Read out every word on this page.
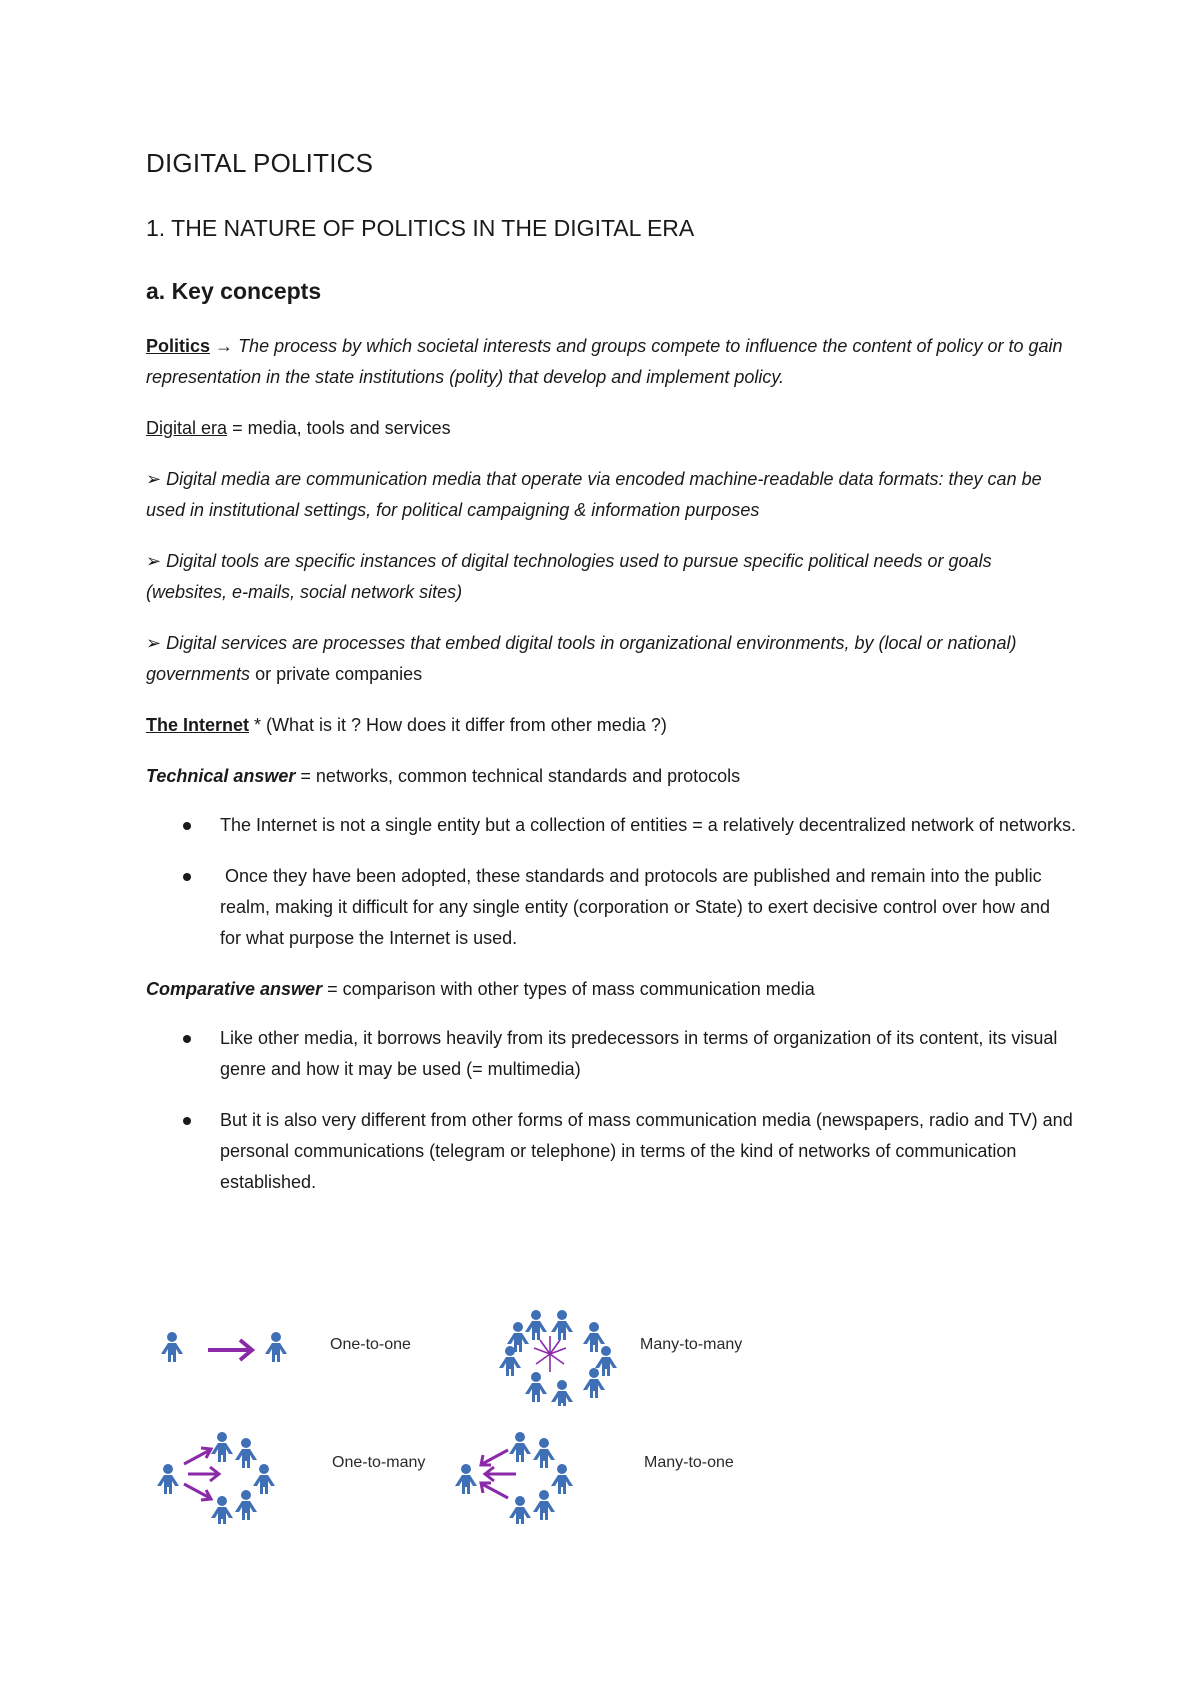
DIGITAL POLITICS
1. THE NATURE OF POLITICS IN THE DIGITAL ERA
a. Key concepts

Politics → The process by which societal interests and groups compete to influence the content of policy or to gain representation in the state institutions (polity) that develop and implement policy.

Digital era = media, tools and services

➢ Digital media are communication media that operate via encoded machine-readable data formats: they can be used in institutional settings, for political campaigning & information purposes

➢ Digital tools are specific instances of digital technologies used to pursue specific political needs or goals (websites, e-mails, social network sites)

➢ Digital services are processes that embed digital tools in organizational environments, by (local or national) governments or private companies

The Internet * (What is it ? How does it differ from other media ?)

Technical answer = networks, common technical standards and protocols

The Internet is not a single entity but a collection of entities = a relatively decentralized network of networks.
Once they have been adopted, these standards and protocols are published and remain into the public realm, making it difficult for any single entity (corporation or State) to exert decisive control over how and for what purpose the Internet is used.

Comparative answer = comparison with other types of mass communication media

Like other media, it borrows heavily from its predecessors in terms of organization of its content, its visual genre and how it may be used (= multimedia)
But it is also very different from other forms of mass communication media (newspapers, radio and TV) and personal communications (telegram or telephone) in terms of the kind of networks of communication established.
One-to-one	Many-to-many
One-to-many	Many-to-one
